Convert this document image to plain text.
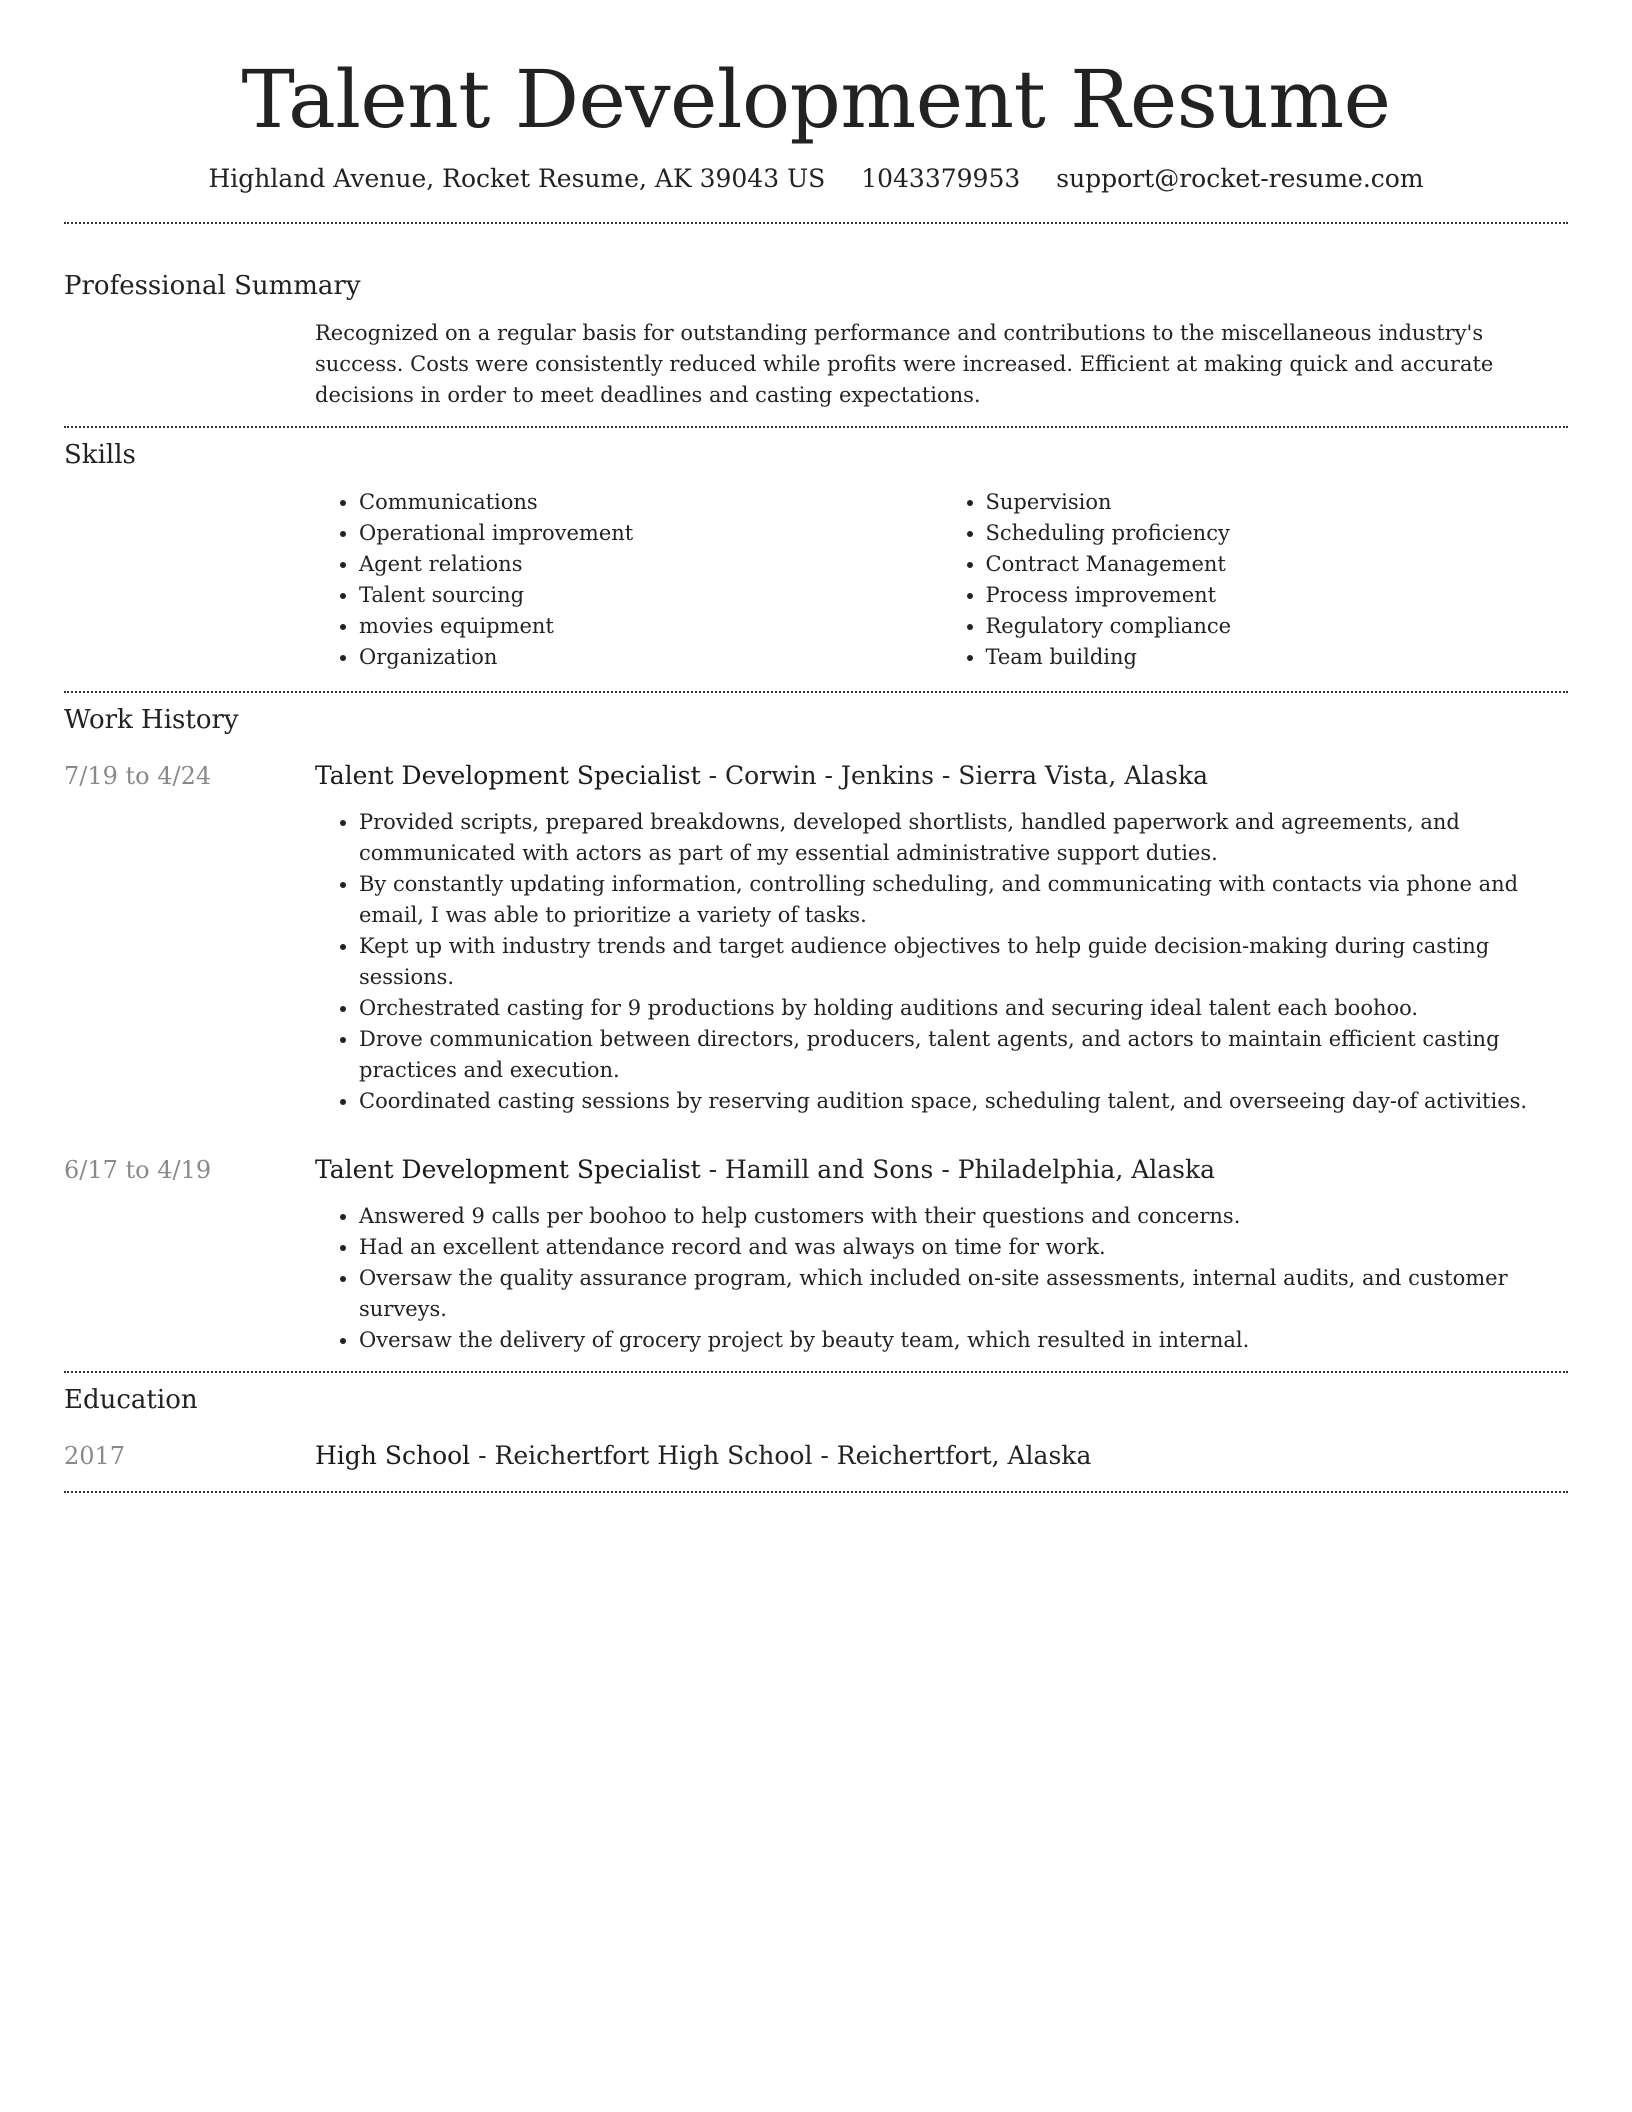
Talent Development Resume
Highland Avenue, Rocket Resume, AK 39043 US 1043379953 support@rocket-resume.com
Professional Summary
Recognized on a regular basis for outstanding performance and contributions to the miscellaneous industry's success. Costs were consistently reduced while profits were increased. Efficient at making quick and accurate decisions in order to meet deadlines and casting expectations.
Skills
• Communications
• Operational improvement
• Agent relations
• Talent sourcing
• movies equipment
• Organization
• Supervision
• Scheduling proficiency
• Contract Management
• Process improvement
• Regulatory compliance
• Team building
Work History
7/19 to 4/24	Talent Development Specialist - Corwin - Jenkins - Sierra Vista, Alaska
• Provided scripts, prepared breakdowns, developed shortlists, handled paperwork and agreements, and communicated with actors as part of my essential administrative support duties.
• By constantly updating information, controlling scheduling, and communicating with contacts via phone and email, I was able to prioritize a variety of tasks.
• Kept up with industry trends and target audience objectives to help guide decision-making during casting sessions.
• Orchestrated casting for 9 productions by holding auditions and securing ideal talent each boohoo.
• Drove communication between directors, producers, talent agents, and actors to maintain efficient casting practices and execution.
• Coordinated casting sessions by reserving audition space, scheduling talent, and overseeing day-of activities.
6/17 to 4/19	Talent Development Specialist - Hamill and Sons - Philadelphia, Alaska
• Answered 9 calls per boohoo to help customers with their questions and concerns.
• Had an excellent attendance record and was always on time for work.
• Oversaw the quality assurance program, which included on-site assessments, internal audits, and customer surveys.
• Oversaw the delivery of grocery project by beauty team, which resulted in internal.
Education
2017	High School - Reichertfort High School - Reichertfort, Alaska
